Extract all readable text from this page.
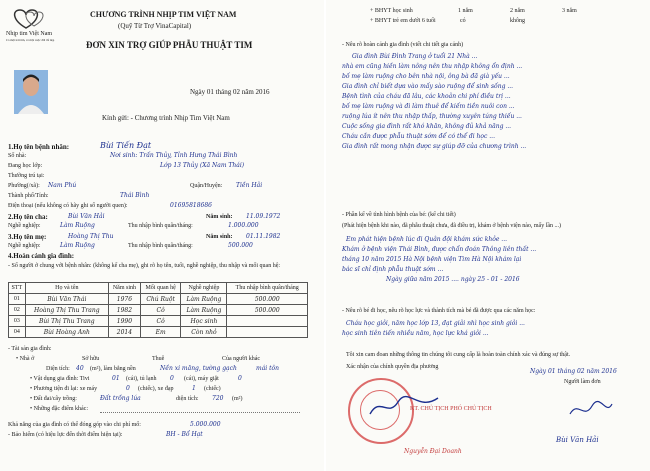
Nhịp tim Việt Nam
Có một trái tim, có một cuộc đời tốt đẹp
CHƯƠNG TRÌNH NHỊP TIM VIỆT NAM
(Quỹ Từ Trợ VinaCapital)
ĐƠN XIN TRỢ GIÚP PHẪU THUẬT TIM
Ngày 01 tháng 02 năm 2016
Kính gửi: - Chương trình Nhịp Tim Việt Nam
1.Họ tên bệnh nhân:	Bùi Tiến Đạt
Số nhà:	Nơi sinh: Trấn Thủy, Tỉnh Hưng Thái Bình
Đang học lớp:	Lớp 13 Thủy (Xã Nam Thái)
Thường trú tại:
Phường(/xã): Nam Phú	Quận/Huyện: Tiền Hải
Thành phố/Tỉnh:	Thái Bình
Điện thoại (nếu không có hãy ghi số người quen):	01695818686
2.Họ tên cha:	Bùi Văn Hải	Năm sinh: 11.09.1972
Nghề nghiệp:	Làm Ruộng	Thu nhập bình quân/tháng:	1.000.000
3.Họ tên mẹ:	Hoàng Thị Thu	Năm sinh: 01.11.1982
Nghề nghiệp:	Làm Ruộng	Thu nhập bình quân/tháng:	500.000
4.Hoàn cảnh gia đình:
- Số người ở chung với bệnh nhân: (không kể cha mẹ), ghi rõ họ tên, tuổi, nghề nghiệp, thu nhập và mối quan hệ:
STT	Họ và tên	Năm sinh	Mối quan hệ	Nghề nghiệp	Thu nhập bình quân/tháng
01	Bùi Văn Thái	1976	Chú Ruột	Làm Ruộng	500.000
02	Hoàng Thị Thu Trang	1982	Cô	Làm Ruộng	500.000
03	Bùi Thị Thu Trang	1990	Cô	Học sinh	
04	Bùi Hoàng Anh	2014	Em	Còn nhỏ	
- Tài sản gia đình:
• Nhà ở	Sở hữu	Thuê	Của người khác
Diện tích: 40 (m²), làm bằng nền	Nền xi măng, tường gạch	mái tôn
• Vật dụng gia đình: Tivi	01 (cái), tủ lạnh 0 (cái), máy giặt	0
• Phương tiện đi lại: xe máy	0 (chiếc), xe đạp	1 (chiếc)
• Đất đai/cây trồng:	Đất trồng lúa	diện tích: 720 (m²)
• Những đặc điểm khác:
Khả năng của gia đình có thể đóng góp vào chi phí mổ:	5.000.000
- Bảo hiểm (có hiệu lực đến thời điểm hiện tại):	BH - Bổ Hạt
+ BHYT học sinh	1 năm	2 năm	3 năm
+ BHYT trẻ em dưới 6 tuổi	có	không
- Nêu rõ hoàn cảnh gia đình (viết chi tiết gia cảnh)
Gia đình Bùi Đình Trang ở tuổi 21 Nhà ...
nhà em cũng hiền làm nông nên thu nhập không ổn định ...
bố mẹ làm ruộng cho bên nhà nội, ông bà đã già yếu ...
Gia đình chỉ biết dựa vào mấy sào ruộng để sinh sống ...
Bệnh tình của cháu đã lâu, các khoản chi phí điều trị ...
bố mẹ làm ruộng và đi làm thuê để kiếm tiền nuôi con ...
ruộng lúa ít nên thu nhập thấp, thường xuyên túng thiếu ...
Cuộc sống gia đình rất khó khăn, không đủ khả năng ...
Cháu cần được phẫu thuật sớm để có thể đi học ...
Gia đình rất mong nhận được sự giúp đỡ của chương trình ...
- Phần kể về tình hình bệnh của bé: (kể chi tiết)
(Phát hiện bệnh khi nào, đã phẫu thuật chưa, đã điều trị, khám ở bệnh viện nào, mấy lần ...)
Em phát hiện bệnh lúc đi Quân đội khám sức khỏe ...
Khám ở bệnh viện Thái Bình, được chẩn đoán Thông liên thất ...
tháng 10 năm 2015 Hà Nội bệnh viện Tim Hà Nội khám lại
bác sĩ chỉ định phẫu thuật sớm ...
Ngày giữa năm 2015 .... ngày 25 - 01 - 2016
- Nêu rõ bé đi học, nêu rõ học lực và thành tích mà bé đã được qua các năm học:
Cháu học giỏi, năm học lớp 13, đạt giải nhì học sinh giỏi ...
học sinh tiên tiến nhiều năm, học lực khá giỏi ...
Tôi xin cam đoan những thông tin chúng tôi cung cấp là hoàn toàn chính xác và đúng sự thật.
Xác nhận của chính quyền địa phương
Ngày 01 tháng 02 năm 2016
Người làm đơn
KT. CHỦ TỊCH PHÓ CHỦ TỊCH
Nguyễn Đại Doanh
Bùi Văn Hải
